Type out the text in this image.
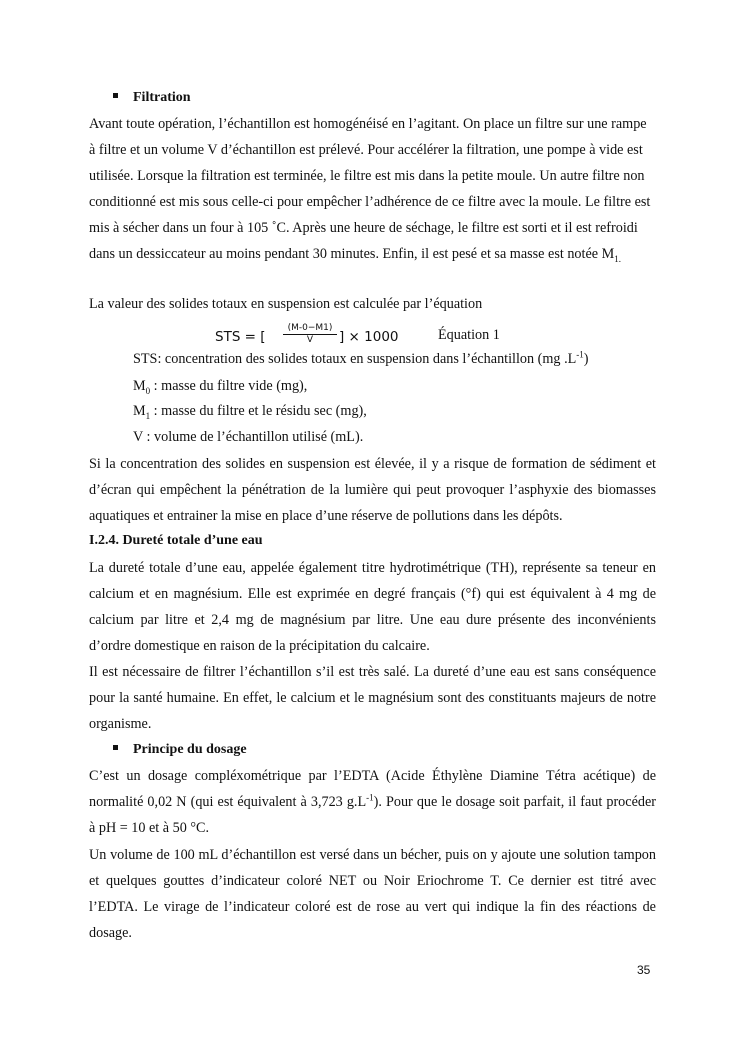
Filtration

Avant toute opération, l’échantillon est homogénéisé en l’agitant. On place un filtre sur une rampe à filtre et un volume V d’échantillon est prélevé. Pour accélérer la filtration, une pompe à vide est utilisée. Lorsque la filtration est terminée, le filtre est mis dans la petite moule. Un autre filtre non conditionné est mis sous celle-ci pour empêcher l’adhérence de ce filtre avec la moule. Le filtre est mis à sécher dans un four à 105 ˚C. Après une heure de séchage, le filtre est sorti et il est refroidi dans un dessiccateur au moins pendant 30 minutes. Enfin, il est pesé et sa masse est notée $M_{1.}$

La valeur des solides totaux en suspension est calculée par l’équation

STS = [ $\frac{(M-0-M1)}{V}$ ] × 1000	Équation 1
STS: concentration des solides totaux en suspension dans l’échantillon (mg $.L^{-1}$)
$M_0$ : masse du filtre vide (mg),
$M_1$ : masse du filtre et le résidu sec (mg),
V : volume de l’échantillon utilisé (mL).

Si la concentration des solides en suspension est élevée, il y a risque de formation de sédiment et d’écran qui empêchent la pénétration de la lumière qui peut provoquer l’asphyxie des biomasses aquatiques et entrainer la mise en place d’une réserve de pollutions dans les dépôts.

I.2.4. Dureté totale d’une eau

La dureté totale d’une eau, appelée également titre hydrotimétrique (TH), représente sa teneur en calcium et en magnésium. Elle est exprimée en degré français (°f) qui est équivalent à 4 mg de calcium par litre et 2,4 mg de magnésium par litre. Une eau dure présente des inconvénients d’ordre domestique en raison de la précipitation du calcaire.

Il est nécessaire de filtrer l’échantillon s’il est très salé. La dureté d’une eau est sans conséquence pour la santé humaine. En effet, le calcium et le magnésium sont des constituants majeurs de notre organisme.

Principe du dosage

C’est un dosage compléxométrique par l’EDTA (Acide Éthylène Diamine Tétra acétique) de normalité 0,02 N (qui est équivalent à 3,723 $g.L^{-1}$). Pour que le dosage soit parfait, il faut procéder à pH = 10 et à 50 °C.

Un volume de 100 mL d’échantillon est versé dans un bécher, puis on y ajoute une solution tampon et quelques gouttes d’indicateur coloré NET ou Noir Eriochrome T. Ce dernier est titré avec l’EDTA. Le virage de l’indicateur coloré est de rose au vert qui indique la fin des réactions de dosage.

35
